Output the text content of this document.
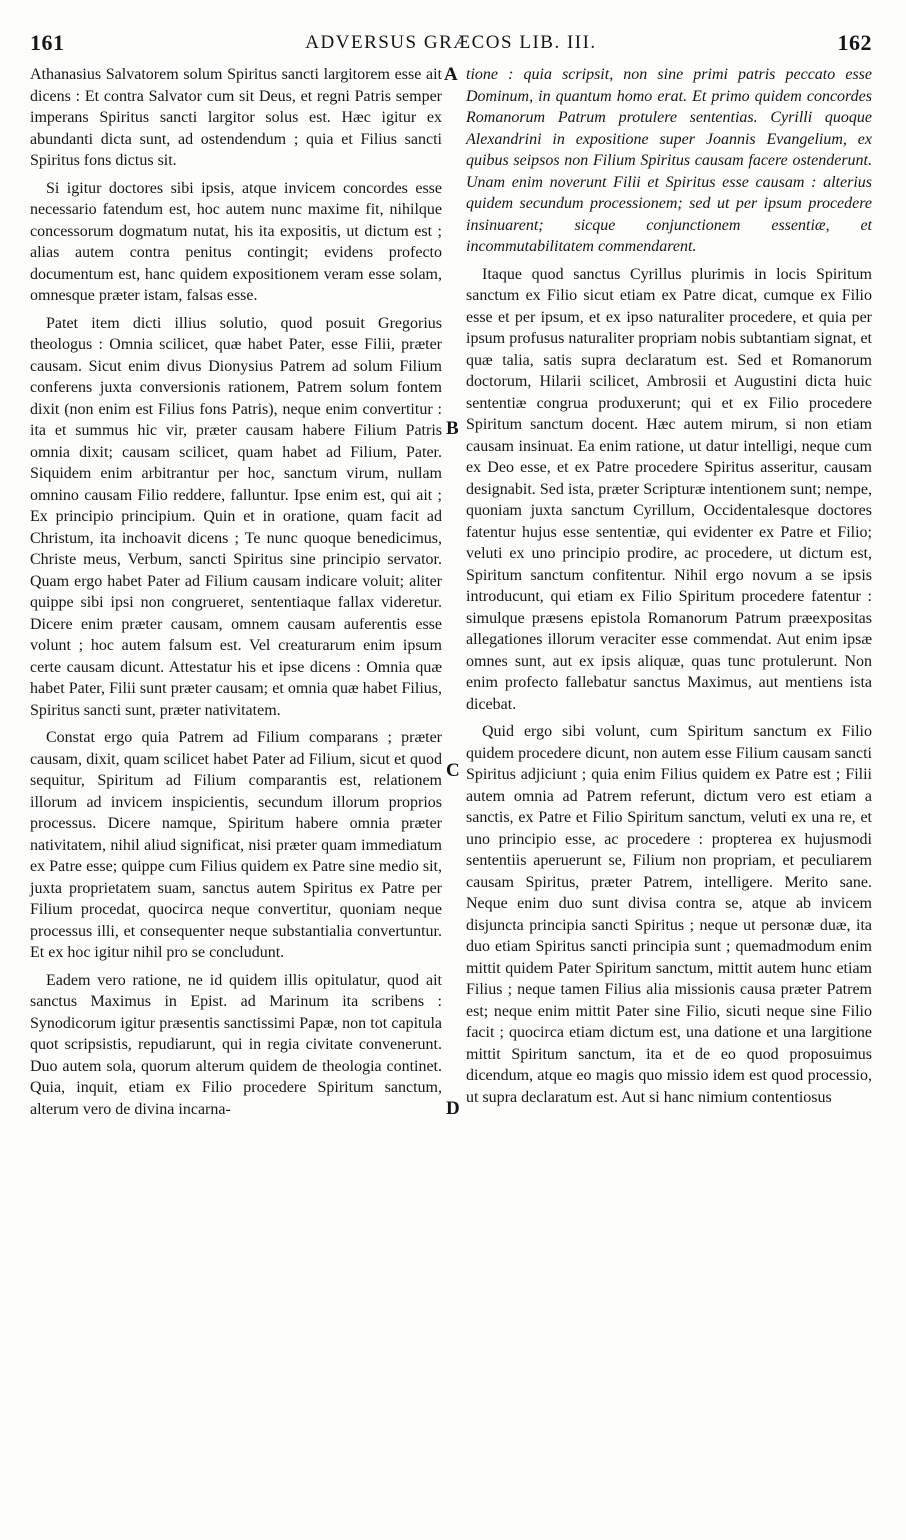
161	ADVERSUS GRÆCOS LIB. III.	162
A
B
C
D

Athanasius Salvatorem solum Spiritus sancti largitorem esse ait dicens : Et contra Salvator cum sit Deus, et regni Patris semper imperans Spiritus sancti largitor solus est. Hæc igitur ex abundanti dicta sunt, ad ostendendum ; quia et Filius sancti Spiritus fons dictus sit.

Si igitur doctores sibi ipsis, atque invicem concordes esse necessario fatendum est, hoc autem nunc maxime fit, nihilque concessorum dogmatum nutat, his ita expositis, ut dictum est ; alias autem contra penitus contingit; evidens profecto documentum est, hanc quidem expositionem veram esse solam, omnesque præter istam, falsas esse.

Patet item dicti illius solutio, quod posuit Gregorius theologus : Omnia scilicet, quæ habet Pater, esse Filii, præter causam. Sicut enim divus Dionysius Patrem ad solum Filium conferens juxta conversionis rationem, Patrem solum fontem dixit (non enim est Filius fons Patris), neque enim convertitur : ita et summus hic vir, præter causam habere Filium Patris omnia dixit; causam scilicet, quam habet ad Filium, Pater. Siquidem enim arbitrantur per hoc, sanctum virum, nullam omnino causam Filio reddere, falluntur. Ipse enim est, qui ait ; Ex principio principium. Quin et in oratione, quam facit ad Christum, ita inchoavit dicens ; Te nunc quoque benedicimus, Christe meus, Verbum, sancti Spiritus sine principio servator. Quam ergo habet Pater ad Filium causam indicare voluit; aliter quippe sibi ipsi non congrueret, sententiaque fallax videretur. Dicere enim præter causam, omnem causam auferentis esse volunt ; hoc autem falsum est. Vel creaturarum enim ipsum certe causam dicunt. Attestatur his et ipse dicens : Omnia quæ habet Pater, Filii sunt præter causam; et omnia quæ habet Filius, Spiritus sancti sunt, præter nativitatem.

Constat ergo quia Patrem ad Filium comparans ; præter causam, dixit, quam scilicet habet Pater ad Filium, sicut et quod sequitur, Spiritum ad Filium comparantis est, relationem illorum ad invicem inspicientis, secundum illorum proprios processus. Dicere namque, Spiritum habere omnia præter nativitatem, nihil aliud significat, nisi præter quam immediatum ex Patre esse; quippe cum Filius quidem ex Patre sine medio sit, juxta proprietatem suam, sanctus autem Spiritus ex Patre per Filium procedat, quocirca neque convertitur, quoniam neque processus illi, et consequenter neque substantialia convertuntur. Et ex hoc igitur nihil pro se concludunt.

Eadem vero ratione, ne id quidem illis opitulatur, quod ait sanctus Maximus in Epist. ad Marinum ita scribens : Synodicorum igitur præsentis sanctissimi Papæ, non tot capitula quot scripsistis, repudiarunt, qui in regia civitate convenerunt. Duo autem sola, quorum alterum quidem de theologia continet. Quia, inquit, etiam ex Filio procedere Spiritum sanctum, alterum vero de divina incarna-

tione : quia scripsit, non sine primi patris peccato esse Dominum, in quantum homo erat. Et primo quidem concordes Romanorum Patrum protulere sententias. Cyrilli quoque Alexandrini in expositione super Joannis Evangelium, ex quibus seipsos non Filium Spiritus causam facere ostenderunt. Unam enim noverunt Filii et Spiritus esse causam : alterius quidem secundum processionem; sed ut per ipsum procedere insinuarent; sicque conjunctionem essentiæ, et incommutabilitatem commendarent.

Itaque quod sanctus Cyrillus plurimis in locis Spiritum sanctum ex Filio sicut etiam ex Patre dicat, cumque ex Filio esse et per ipsum, et ex ipso naturaliter procedere, et quia per ipsum profusus naturaliter propriam nobis subtantiam signat, et quæ talia, satis supra declaratum est. Sed et Romanorum doctorum, Hilarii scilicet, Ambrosii et Augustini dicta huic sententiæ congrua produxerunt; qui et ex Filio procedere Spiritum sanctum docent. Hæc autem mirum, si non etiam causam insinuat. Ea enim ratione, ut datur intelligi, neque cum ex Deo esse, et ex Patre procedere Spiritus asseritur, causam designabit. Sed ista, præter Scripturæ intentionem sunt; nempe, quoniam juxta sanctum Cyrillum, Occidentalesque doctores fatentur hujus esse sententiæ, qui evidenter ex Patre et Filio; veluti ex uno principio prodire, ac procedere, ut dictum est, Spiritum sanctum confitentur. Nihil ergo novum a se ipsis introducunt, qui etiam ex Filio Spiritum procedere fatentur : simulque præsens epistola Romanorum Patrum præexpositas allegationes illorum veraciter esse commendat. Aut enim ipsæ omnes sunt, aut ex ipsis aliquæ, quas tunc protulerunt. Non enim profecto fallebatur sanctus Maximus, aut mentiens ista dicebat.

Quid ergo sibi volunt, cum Spiritum sanctum ex Filio quidem procedere dicunt, non autem esse Filium causam sancti Spiritus adjiciunt ; quia enim Filius quidem ex Patre est ; Filii autem omnia ad Patrem referunt, dictum vero est etiam a sanctis, ex Patre et Filio Spiritum sanctum, veluti ex una re, et uno principio esse, ac procedere : propterea ex hujusmodi sententiis aperuerunt se, Filium non propriam, et peculiarem causam Spiritus, præter Patrem, intelligere. Merito sane. Neque enim duo sunt divisa contra se, atque ab invicem disjuncta principia sancti Spiritus ; neque ut personæ duæ, ita duo etiam Spiritus sancti principia sunt ; quemadmodum enim mittit quidem Pater Spiritum sanctum, mittit autem hunc etiam Filius ; neque tamen Filius alia missionis causa præter Patrem est; neque enim mittit Pater sine Filio, sicuti neque sine Filio facit ; quocirca etiam dictum est, una datione et una largitione mittit Spiritum sanctum, ita et de eo quod proposuimus dicendum, atque eo magis quo missio idem est quod processio, ut supra declaratum est. Aut si hanc nimium contentiosus
